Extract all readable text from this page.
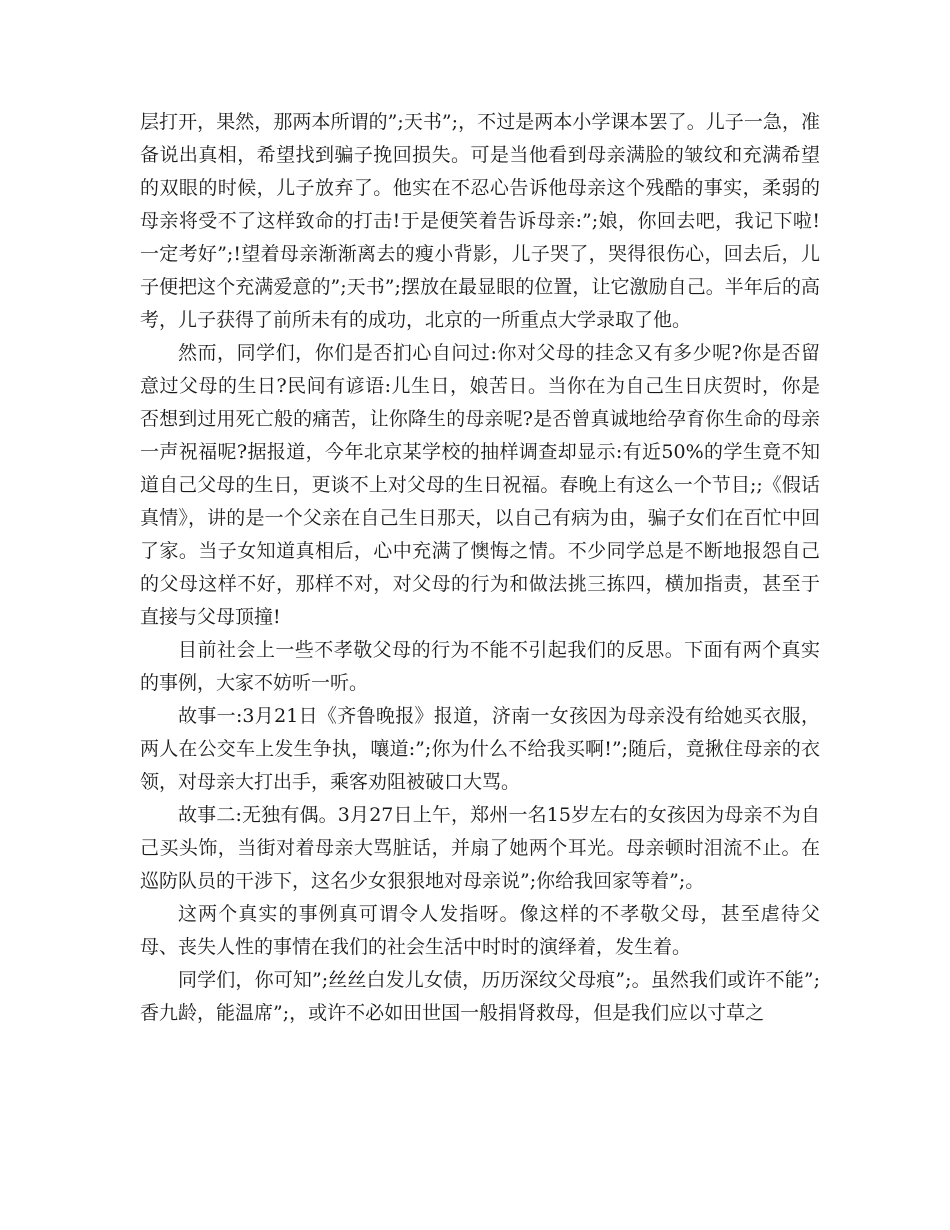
层打开，果然，那两本所谓的”;天书”;，不过是两本小学课本罢了。儿子一急，准备说出真相，希望找到骗子挽回损失。可是当他看到母亲满脸的皱纹和充满希望的双眼的时候，儿子放弃了。他实在不忍心告诉他母亲这个残酷的事实，柔弱的母亲将受不了这样致命的打击!于是便笑着告诉母亲:”;娘，你回去吧，我记下啦!一定考好”;!望着母亲渐渐离去的瘦小背影，儿子哭了，哭得很伤心，回去后，儿子便把这个充满爱意的”;天书”;摆放在最显眼的位置，让它激励自己。半年后的高考，儿子获得了前所未有的成功，北京的一所重点大学录取了他。

然而，同学们，你们是否扪心自问过:你对父母的挂念又有多少呢?你是否留意过父母的生日?民间有谚语:儿生日，娘苦日。当你在为自己生日庆贺时，你是否想到过用死亡般的痛苦，让你降生的母亲呢?是否曾真诚地给孕育你生命的母亲一声祝福呢?据报道，今年北京某学校的抽样调查却显示:有近50%的学生竟不知道自己父母的生日，更谈不上对父母的生日祝福。春晚上有这么一个节目;;《假话真情》，讲的是一个父亲在自己生日那天，以自己有病为由，骗子女们在百忙中回了家。当子女知道真相后，心中充满了懊悔之情。不少同学总是不断地报怨自己的父母这样不好，那样不对，对父母的行为和做法挑三拣四，横加指责，甚至于直接与父母顶撞!

目前社会上一些不孝敬父母的行为不能不引起我们的反思。下面有两个真实的事例，大家不妨听一听。

故事一:3月21日《齐鲁晚报》报道，济南一女孩因为母亲没有给她买衣服，两人在公交车上发生争执，嚷道:”;你为什么不给我买啊!”;随后，竟揪住母亲的衣领，对母亲大打出手，乘客劝阻被破口大骂。

故事二:无独有偶。3月27日上午，郑州一名15岁左右的女孩因为母亲不为自己买头饰，当街对着母亲大骂脏话，并扇了她两个耳光。母亲顿时泪流不止。在巡防队员的干涉下，这名少女狠狠地对母亲说”;你给我回家等着”;。

这两个真实的事例真可谓令人发指呀。像这样的不孝敬父母，甚至虐待父母、丧失人性的事情在我们的社会生活中时时的演绎着，发生着。

同学们，你可知”;丝丝白发儿女债，历历深纹父母痕”;。虽然我们或许不能”;香九龄，能温席”;，或许不必如田世国一般捐肾救母，但是我们应以寸草之
